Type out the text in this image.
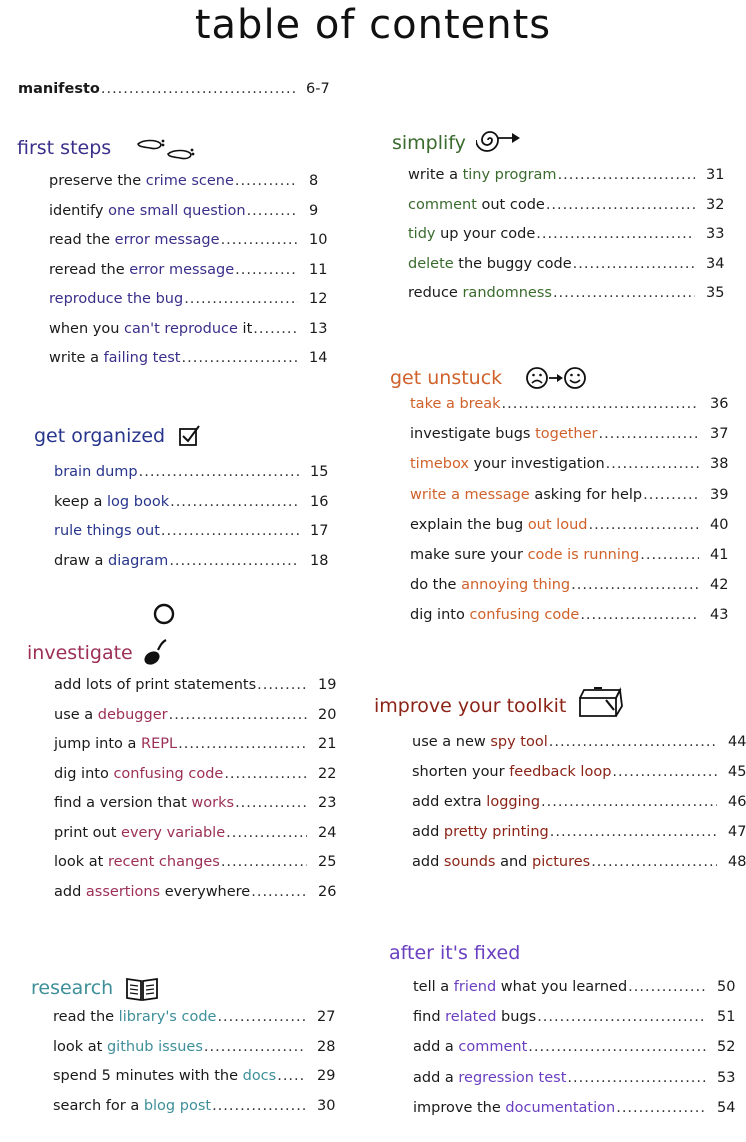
table of contents
manifesto .....	6-7
first steps
preserve the crime scene .....	8
identify one small question .....	9
read the error message .....	10
reread the error message .....	11
reproduce the bug .....	12
when you can't reproduce it .....	13
write a failing test .....	14
get organized
brain dump .....	15
keep a log book .....	16
rule things out .....	17
draw a diagram .....	18
investigate
add lots of print statements .....	19
use a debugger .....	20
jump into a REPL .....	21
dig into confusing code .....	22
find a version that works .....	23
print out every variable .....	24
look at recent changes .....	25
add assertions everywhere .....	26
research
read the library's code .....	27
look at github issues .....	28
spend 5 minutes with the docs .....	29
search for a blog post .....	30
simplify
write a tiny program .....	31
comment out code .....	32
tidy up your code .....	33
delete the buggy code .....	34
reduce randomness .....	35
get unstuck
take a break .....	36
investigate bugs together .....	37
timebox your investigation .....	38
write a message asking for help .....	39
explain the bug out loud .....	40
make sure your code is running .....	41
do the annoying thing .....	42
dig into confusing code .....	43
improve your toolkit
use a new spy tool .....	44
shorten your feedback loop .....	45
add extra logging .....	46
add pretty printing .....	47
add sounds and pictures .....	48
after it's fixed
tell a friend what you learned .....	50
find related bugs .....	51
add a comment .....	52
add a regression test .....	53
improve the documentation .....	54
